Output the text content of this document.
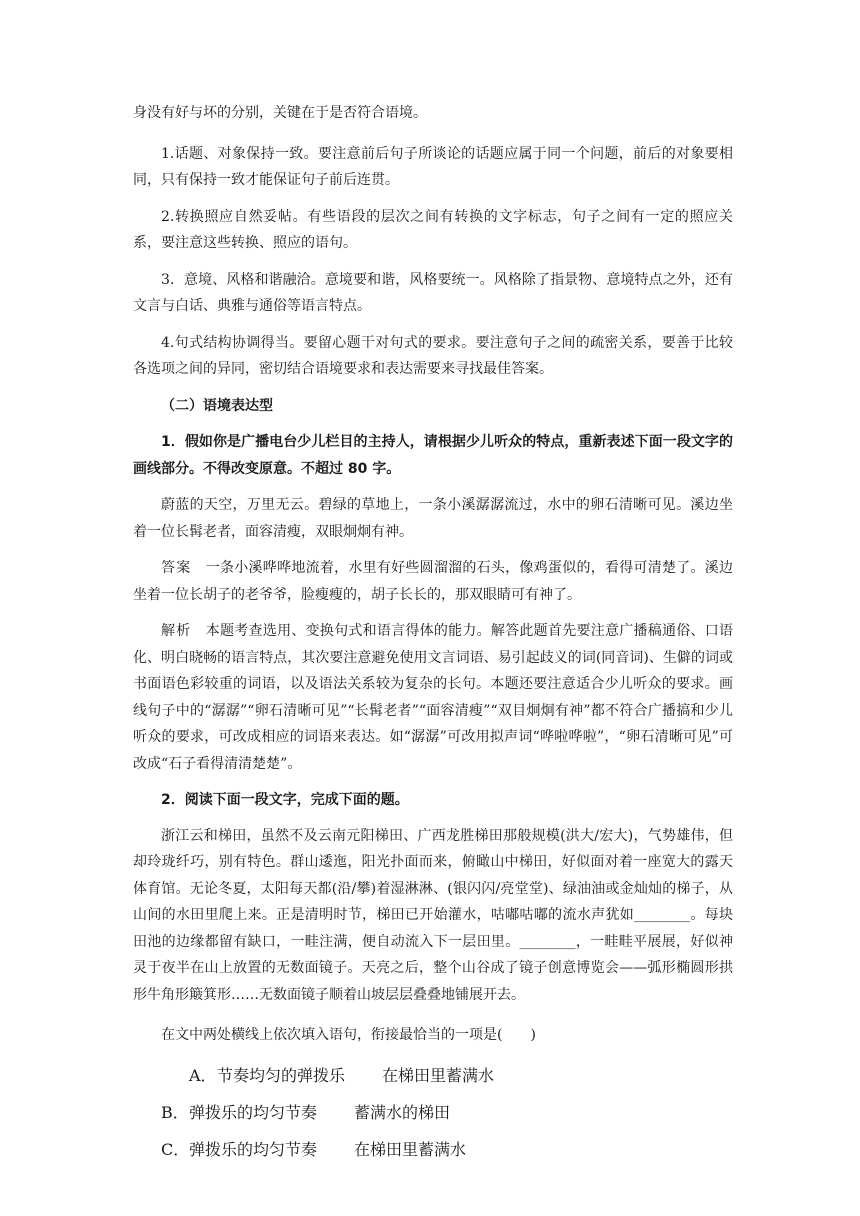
身没有好与坏的分别，关键在于是否符合语境。

1.话题、对象保持一致。要注意前后句子所谈论的话题应属于同一个问题，前后的对象要相同，只有保持一致才能保证句子前后连贯。

2.转换照应自然妥帖。有些语段的层次之间有转换的文字标志，句子之间有一定的照应关系，要注意这些转换、照应的语句。

3．意境、风格和谐融洽。意境要和谐，风格要统一。风格除了指景物、意境特点之外，还有文言与白话、典雅与通俗等语言特点。

4.句式结构协调得当。要留心题干对句式的要求。要注意句子之间的疏密关系，要善于比较各选项之间的异同，密切结合语境要求和表达需要来寻找最佳答案。

（二）语境表达型

1．假如你是广播电台少儿栏目的主持人，请根据少儿听众的特点，重新表述下面一段文字的画线部分。不得改变原意。不超过 80 字。

蔚蓝的天空，万里无云。碧绿的草地上，一条小溪潺潺流过，水中的卵石清晰可见。溪边坐着一位长髯老者，面容清瘦，双眼炯炯有神。

答案　 一条小溪哗哗地流着，水里有好些圆溜溜的石头，像鸡蛋似的，看得可清楚了。溪边坐着一位长胡子的老爷爷，脸瘦瘦的，胡子长长的，那双眼睛可有神了。

解析　 本题考查选用、变换句式和语言得体的能力。解答此题首先要注意广播稿通俗、口语化、明白晓畅的语言特点，其次要注意避免使用文言词语、易引起歧义的词(同音词)、生僻的词或书面语色彩较重的词语，以及语法关系较为复杂的长句。本题还要注意适合少儿听众的要求。画线句子中的“潺潺”“卵石清晰可见”“长髯老者”“面容清瘦”“双目炯炯有神”都不符合广播搞和少儿听众的要求，可改成相应的词语来表达。如“潺潺”可改用拟声词“哗啦哗啦”，“卵石清晰可见”可改成“石子看得清清楚楚”。

2．阅读下面一段文字，完成下面的题。

浙江云和梯田，虽然不及云南元阳梯田、广西龙胜梯田那般规模(洪大/宏大)，气势雄伟，但却玲珑纤巧，别有特色。群山逶迤，阳光扑面而来，俯瞰山中梯田，好似面对着一座宽大的露天体育馆。无论冬夏，太阳每天都(沿/攀)着湿淋淋、(银闪闪/亮堂堂)、绿油油或金灿灿的梯子，从山间的水田里爬上来。正是清明时节，梯田已开始灌水，咕嘟咕嘟的流水声犹如________。每块田池的边缘都留有缺口，一畦注满，便自动流入下一层田里。________，一畦畦平展展，好似神灵于夜半在山上放置的无数面镜子。天亮之后，整个山谷成了镜子创意博览会——弧形椭圆形拱形牛角形簸箕形……无数面镜子顺着山坡层层叠叠地铺展开去。

在文中两处横线上依次填入语句，衔接最恰当的一项是(　　)

A． 节奏均匀的弹拨乐	在梯田里蓄满水
B． 弹拨乐的均匀节奏	蓄满水的梯田
C． 弹拨乐的均匀节奏	在梯田里蓄满水
